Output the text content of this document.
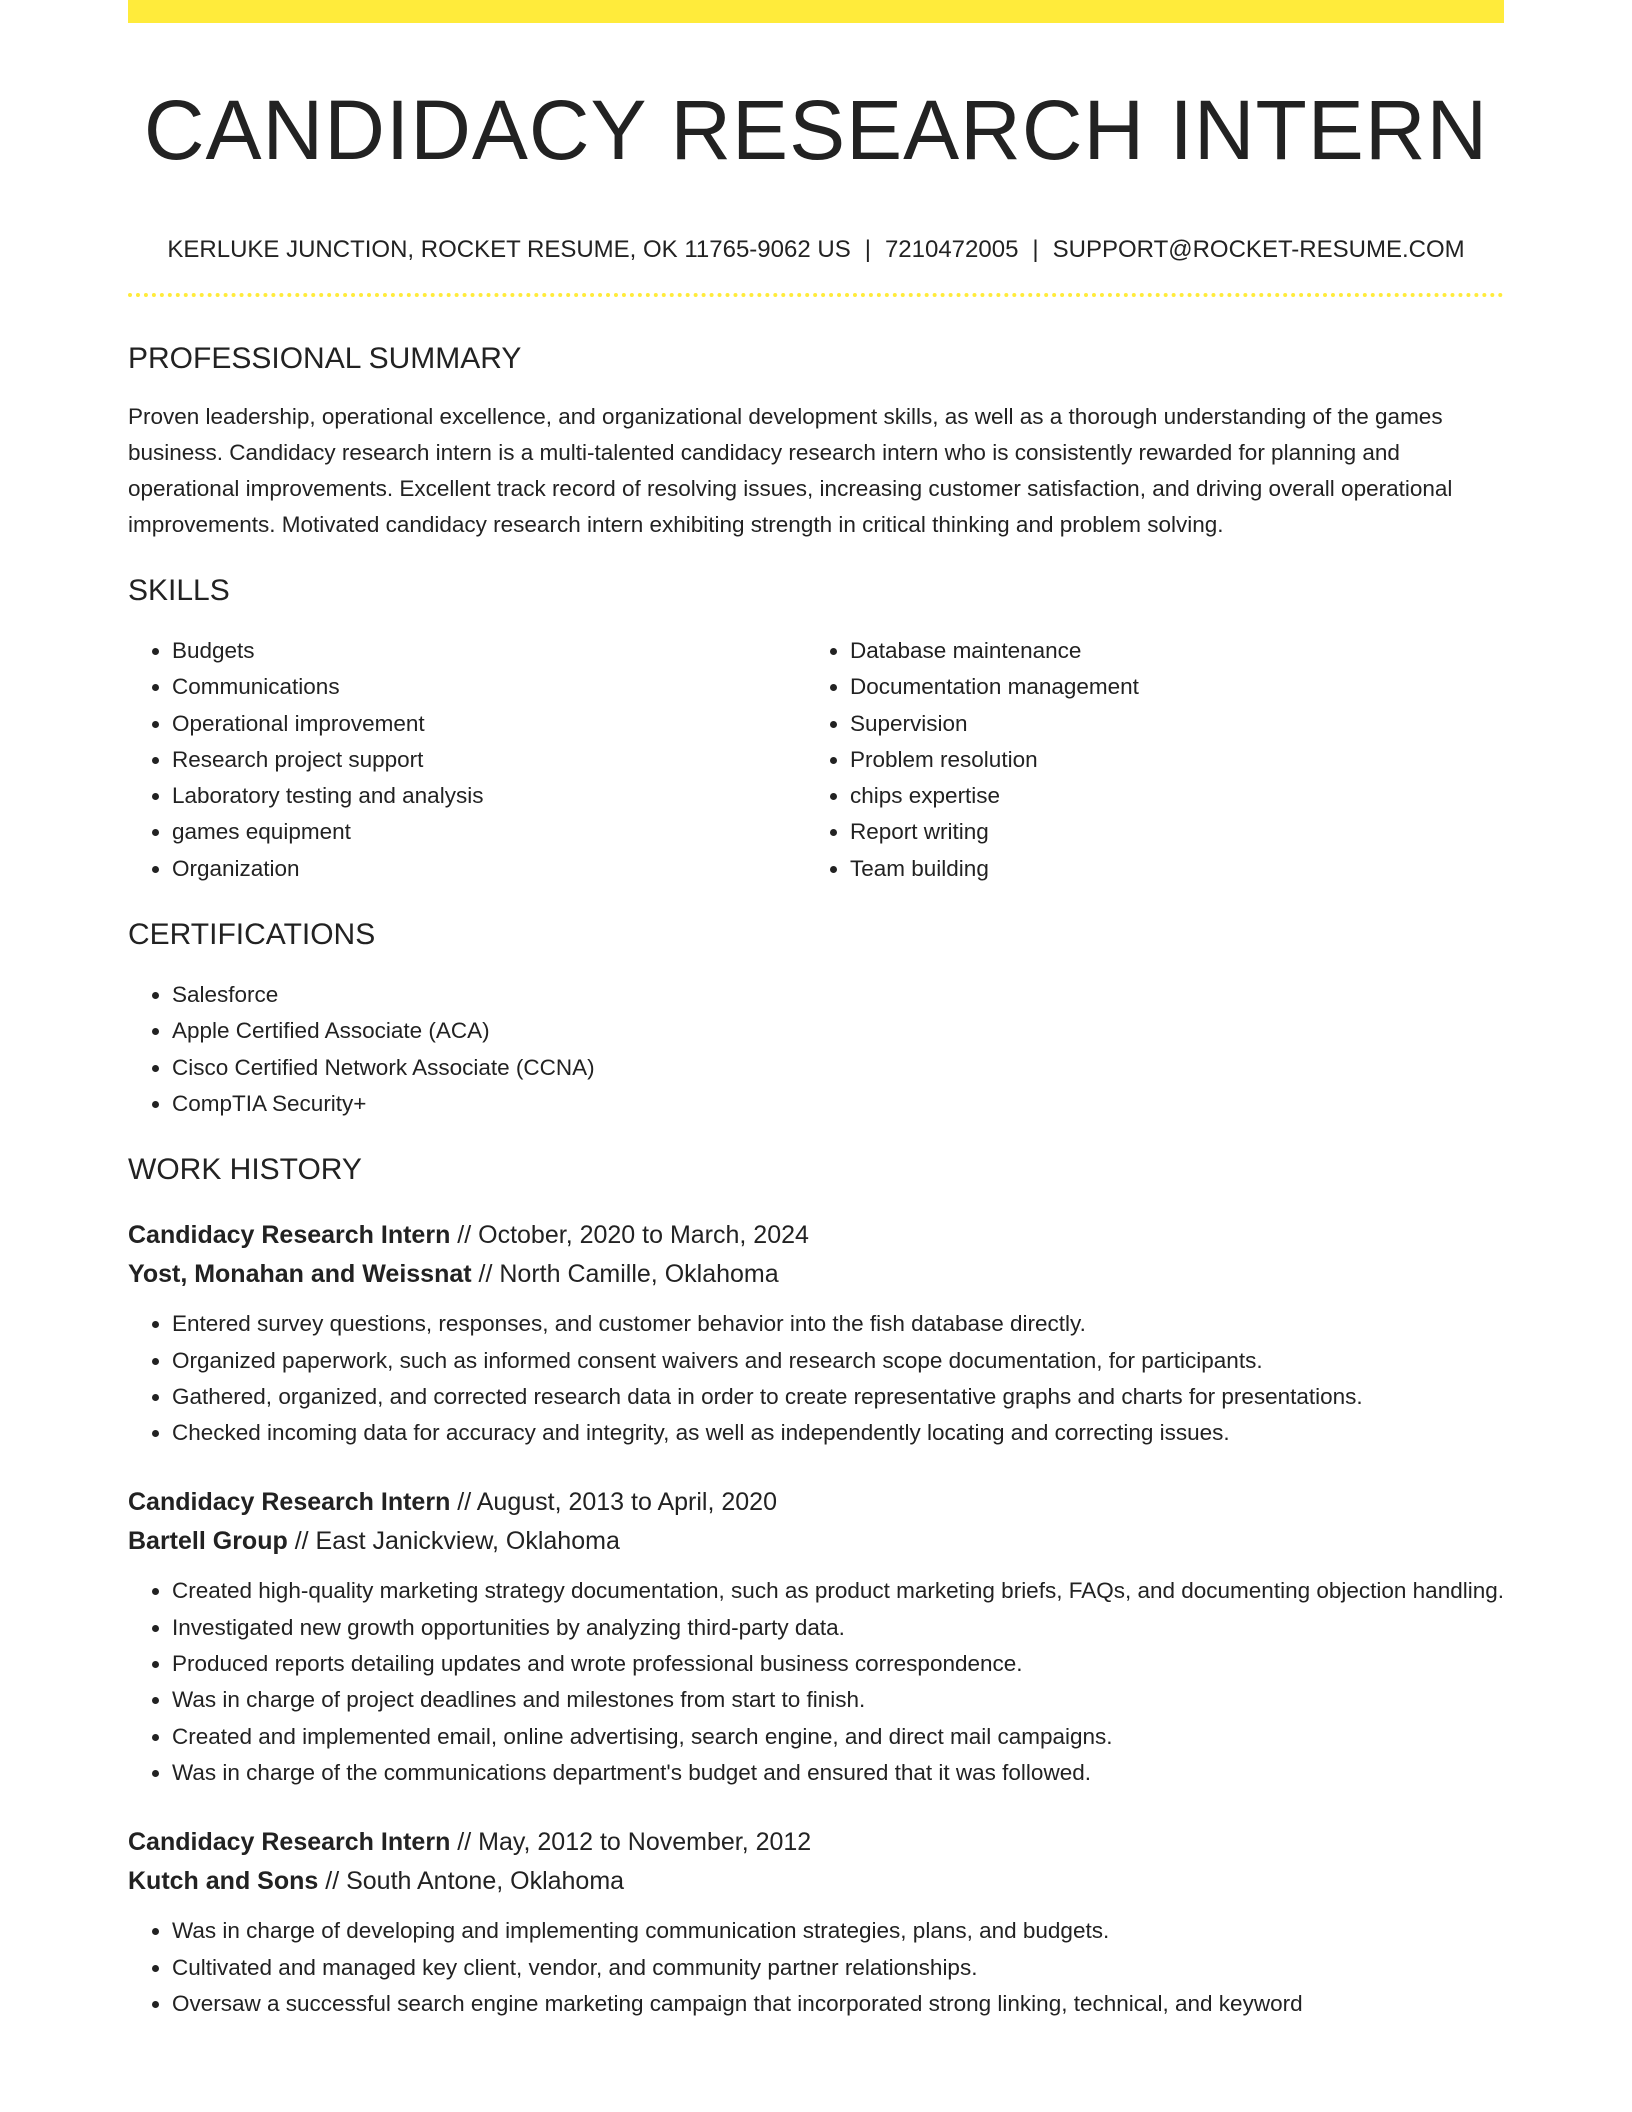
CANDIDACY RESEARCH INTERN
KERLUKE JUNCTION, ROCKET RESUME, OK 11765-9062 US | 7210472005 | SUPPORT@ROCKET-RESUME.COM
PROFESSIONAL SUMMARY
Proven leadership, operational excellence, and organizational development skills, as well as a thorough understanding of the games business. Candidacy research intern is a multi-talented candidacy research intern who is consistently rewarded for planning and operational improvements. Excellent track record of resolving issues, increasing customer satisfaction, and driving overall operational improvements. Motivated candidacy research intern exhibiting strength in critical thinking and problem solving.
SKILLS
• Budgets
• Communications
• Operational improvement
• Research project support
• Laboratory testing and analysis
• games equipment
• Organization
• Database maintenance
• Documentation management
• Supervision
• Problem resolution
• chips expertise
• Report writing
• Team building
CERTIFICATIONS
• Salesforce
• Apple Certified Associate (ACA)
• Cisco Certified Network Associate (CCNA)
• CompTIA Security+
WORK HISTORY
Candidacy Research Intern // October, 2020 to March, 2024
Yost, Monahan and Weissnat // North Camille, Oklahoma
• Entered survey questions, responses, and customer behavior into the fish database directly.
• Organized paperwork, such as informed consent waivers and research scope documentation, for participants.
• Gathered, organized, and corrected research data in order to create representative graphs and charts for presentations.
• Checked incoming data for accuracy and integrity, as well as independently locating and correcting issues.
Candidacy Research Intern // August, 2013 to April, 2020
Bartell Group // East Janickview, Oklahoma
• Created high-quality marketing strategy documentation, such as product marketing briefs, FAQs, and documenting objection handling.
• Investigated new growth opportunities by analyzing third-party data.
• Produced reports detailing updates and wrote professional business correspondence.
• Was in charge of project deadlines and milestones from start to finish.
• Created and implemented email, online advertising, search engine, and direct mail campaigns.
• Was in charge of the communications department's budget and ensured that it was followed.
Candidacy Research Intern // May, 2012 to November, 2012
Kutch and Sons // South Antone, Oklahoma
• Was in charge of developing and implementing communication strategies, plans, and budgets.
• Cultivated and managed key client, vendor, and community partner relationships.
• Oversaw a successful search engine marketing campaign that incorporated strong linking, technical, and keyword
